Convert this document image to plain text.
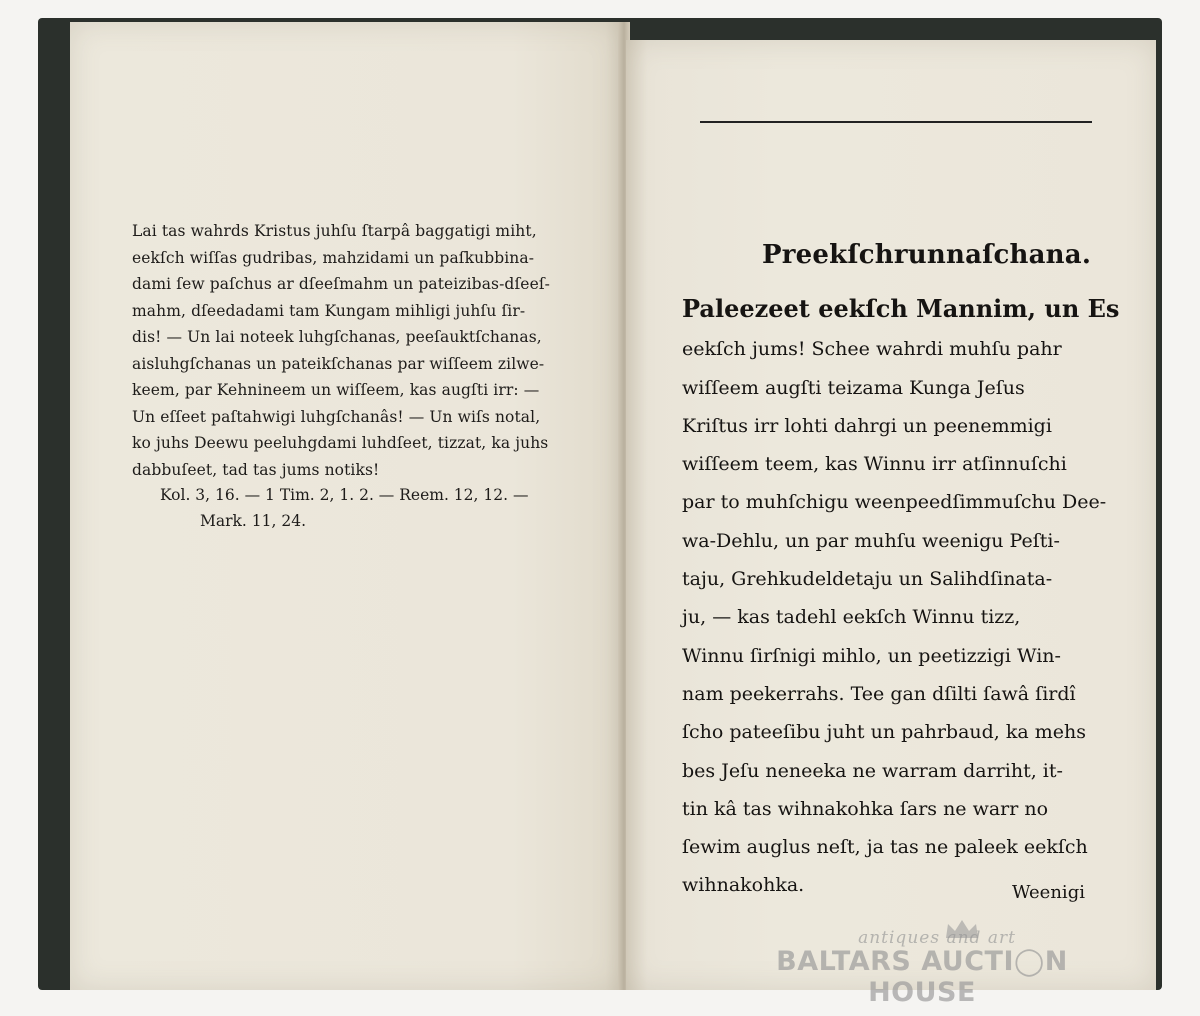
Lai tas wahrds Kristus juhſu ſtarpâ baggatigi miht,
eekſch wiſſas gudribas, mahzidami un paſkubbina-
dami ſew paſchus ar dſeeſmahm un pateizibas-dſeeſ-
mahm, dſeedadami tam Kungam mihligi juhſu ſir-
dis! — Un lai noteek luhgſchanas, peeſauktſchanas,
aisluhgſchanas un pateikſchanas par wiſſeem zilwe-
keem, par Kehnineem un wiſſeem, kas augſti irr: —
Un eſſeet paſtahwigi luhgſchanâs! — Un wiſs notal,
ko juhs Deewu peeluhgdami luhdſeet, tizzat, ka juhs
dabbuſeet, tad tas jums notiks!
Kol. 3, 16. — 1 Tim. 2, 1. 2. — Reem. 12, 12. —
Mark. 11, 24.
Preekſchrunnaſchana.
Paleezeet eekſch Mannim, un Es
eekſch jums! Schee wahrdi muhſu pahr
wiſſeem augſti teizama Kunga Jeſus
Kriſtus irr lohti dahrgi un peenemmigi
wiſſeem teem, kas Winnu irr atſinnuſchi
par to muhſchigu weenpeedſimmuſchu Dee-
wa-Dehlu, un par muhſu weenigu Peſti-
taju, Grehkudeldetaju un Salihdſinata-
ju, — kas tadehl eekſch Winnu tizz,
Winnu ſirſnigi mihlo, un peetizzigi Win-
nam peekerrahs. Tee gan dſilti ſawâ ſirdî
ſcho pateeſibu juht un pahrbaud, ka mehs
bes Jeſu neneeka ne warram darriht, it-
tin kâ tas wihnakohka ſars ne warr no
ſewim auglus neſt, ja tas ne paleek eekſch
wihnakohka.	Weenigi
antiques and art
BALTARS AUCTI◯N HOUSE
